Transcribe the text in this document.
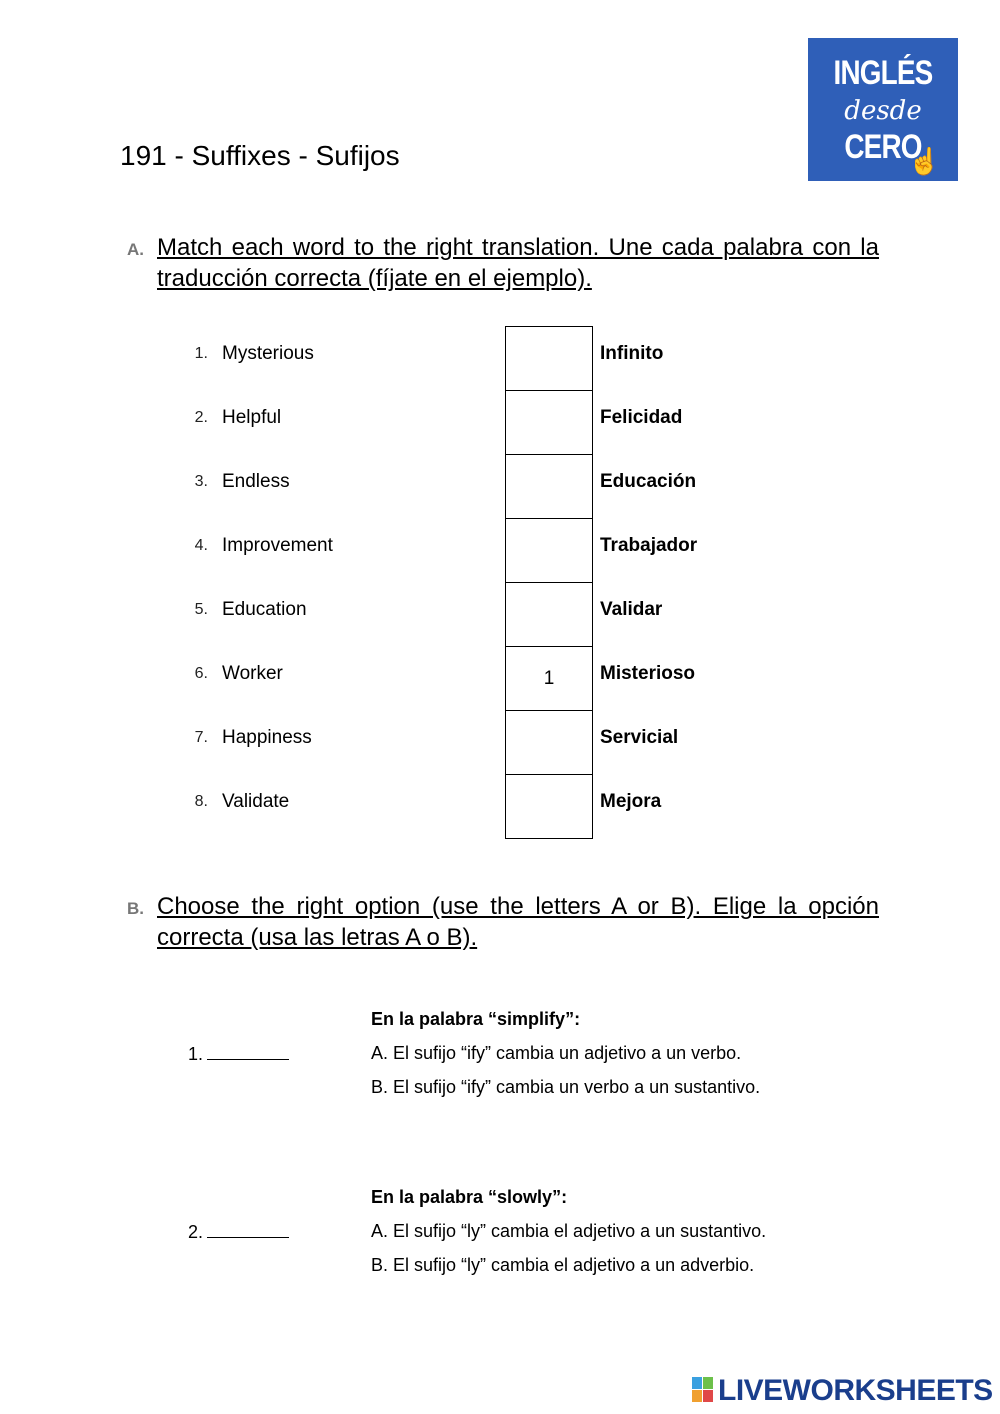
INGLÉS
desde
CERO
☝
191 - Suffixes - Sufijos
A. Match each word to the right translation. Une cada palabra con la traducción correcta (fíjate en el ejemplo).
1. Mysterious	Infinito
2. Helpful	Felicidad
3. Endless	Educación
4. Improvement	Trabajador
5. Education	Validar
6. Worker	1	Misterioso
7. Happiness	Servicial
8. Validate	Mejora
B. Choose the right option (use the letters A or B). Elige la opción correcta (usa las letras A o B).
En la palabra “simplify”:
1.	A. El sufijo “ify” cambia un adjetivo a un verbo.
B. El sufijo “ify” cambia un verbo a un sustantivo.
En la palabra “slowly”:
2.	A. El sufijo “ly” cambia el adjetivo a un sustantivo.
B. El sufijo “ly” cambia el adjetivo a un adverbio.
LIVEWORKSHEETS
